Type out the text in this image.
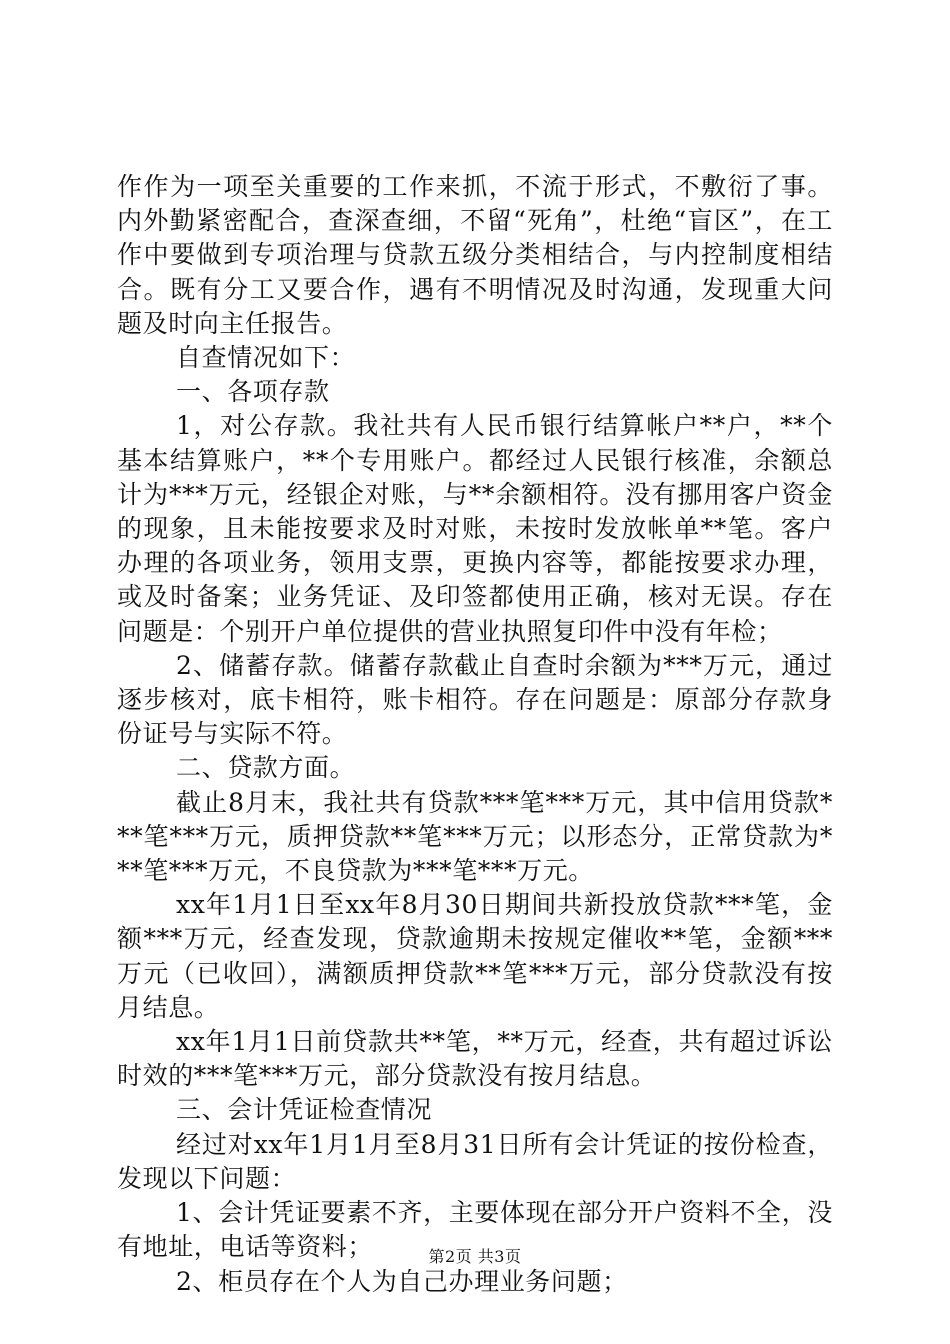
作作为一项至关重要的工作来抓，不流于形式，不敷衍了事。内外勤紧密配合，查深查细，不留“死角”，杜绝“盲区”，在工作中要做到专项治理与贷款五级分类相结合，与内控制度相结合。既有分工又要合作，遇有不明情况及时沟通，发现重大问题及时向主任报告。

自查情况如下：

一、各项存款

1，对公存款。我社共有人民币银行结算帐户**户，**个基本结算账户，**个专用账户。都经过人民银行核准，余额总计为***万元，经银企对账，与**余额相符。没有挪用客户资金的现象，且未能按要求及时对账，未按时发放帐单**笔。客户办理的各项业务，领用支票，更换内容等，都能按要求办理，或及时备案；业务凭证、及印签都使用正确，核对无误。存在问题是：个别开户单位提供的营业执照复印件中没有年检；

2、储蓄存款。储蓄存款截止自查时余额为***万元，通过逐步核对，底卡相符，账卡相符。存在问题是：原部分存款身份证号与实际不符。

二、贷款方面。

截止8月末，我社共有贷款***笔***万元，其中信用贷款***笔***万元，质押贷款**笔***万元；以形态分，正常贷款为***笔***万元，不良贷款为***笔***万元。

xx年1月1日至xx年8月30日期间共新投放贷款***笔，金额***万元，经查发现，贷款逾期未按规定催收**笔，金额***万元（已收回），满额质押贷款**笔***万元，部分贷款没有按月结息。

xx年1月1日前贷款共**笔，**万元，经查，共有超过诉讼时效的***笔***万元，部分贷款没有按月结息。

三、会计凭证检查情况

经过对xx年1月1月至8月31日所有会计凭证的按份检查，发现以下问题：

1、会计凭证要素不齐，主要体现在部分开户资料不全，没有地址，电话等资料；

2、柜员存在个人为自己办理业务问题；

第2页 共3页
